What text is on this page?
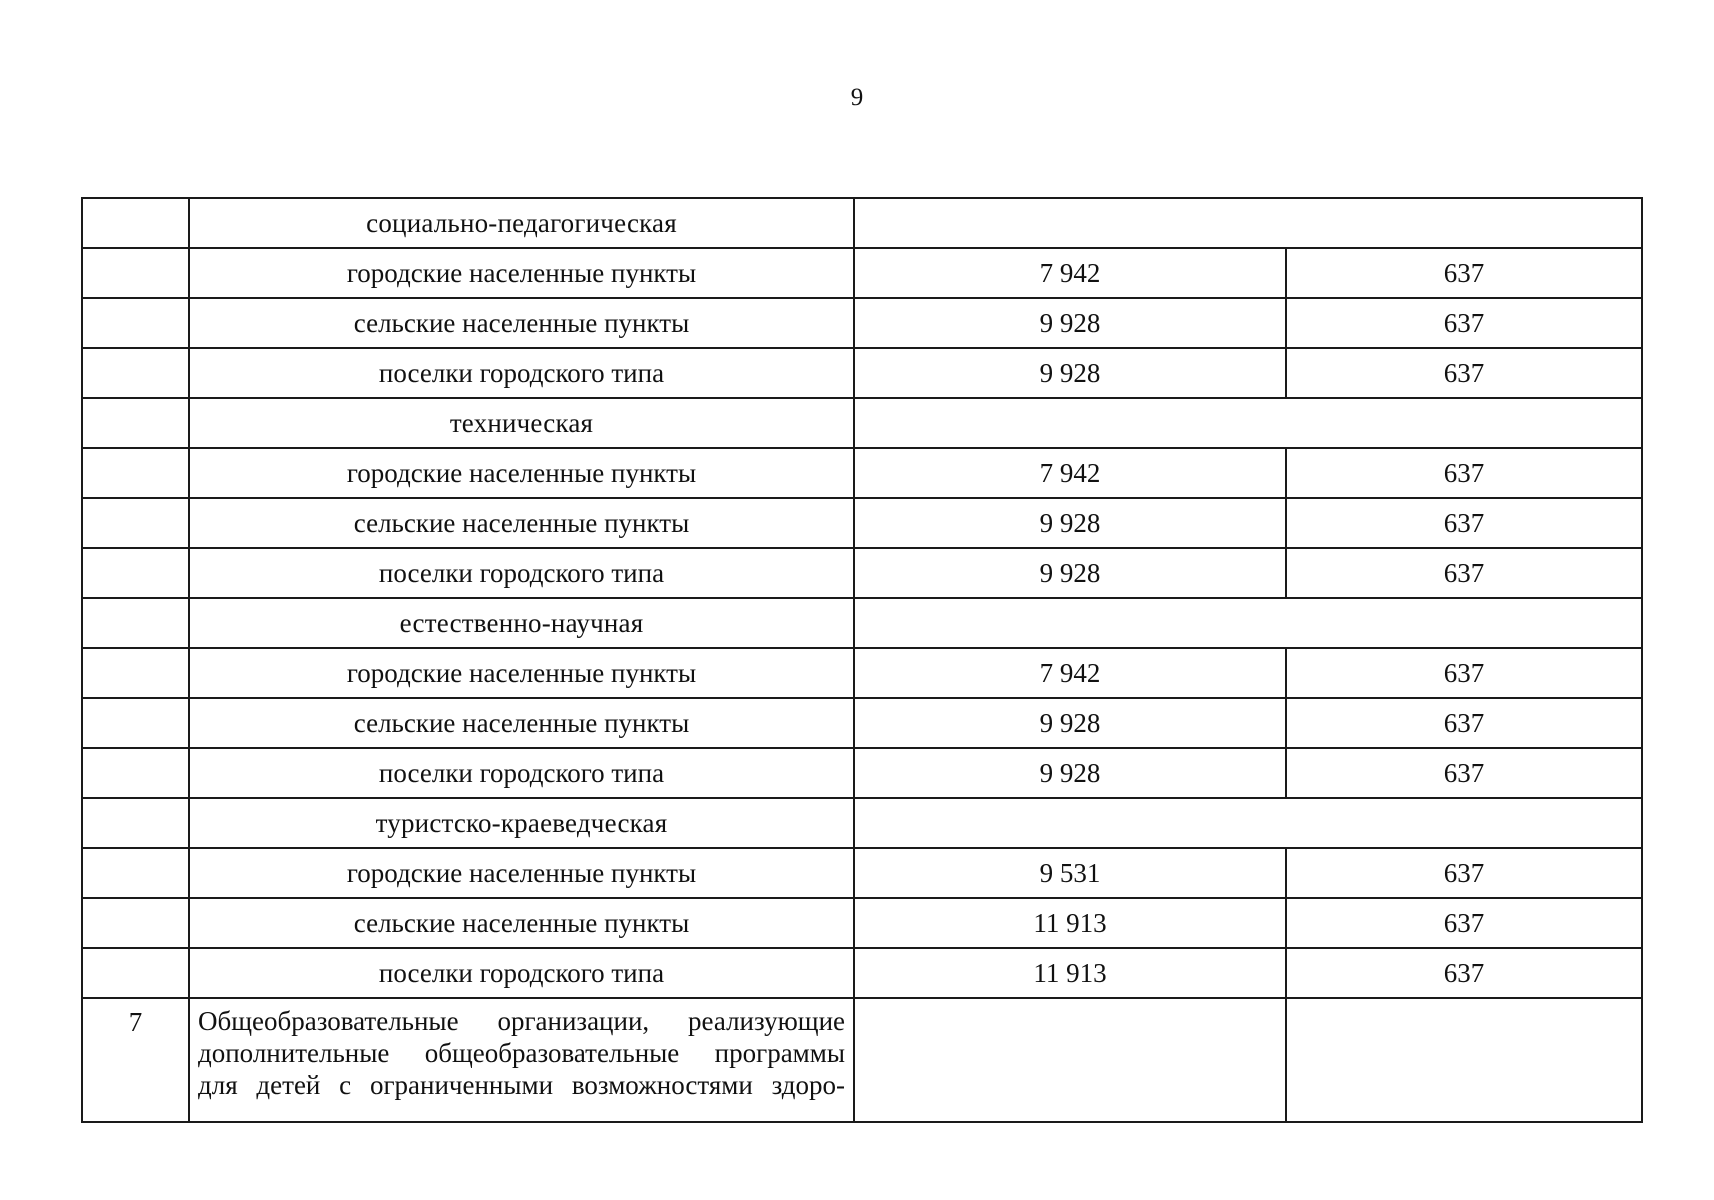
9
	социально-педагогическая		
	городские населенные пункты	7 942	637
	сельские населенные пункты	9 928	637
	поселки городского типа	9 928	637
	техническая		
	городские населенные пункты	7 942	637
	сельские населенные пункты	9 928	637
	поселки городского типа	9 928	637
	естественно-научная		
	городские населенные пункты	7 942	637
	сельские населенные пункты	9 928	637
	поселки городского типа	9 928	637
	туристско-краеведческая		
	городские населенные пункты	9 531	637
	сельские населенные пункты	11 913	637
	поселки городского типа	11 913	637
7	Общеобразовательные организации, реализующие
дополнительные общеобразовательные программы
для детей с ограниченными возможностями здоро-		
